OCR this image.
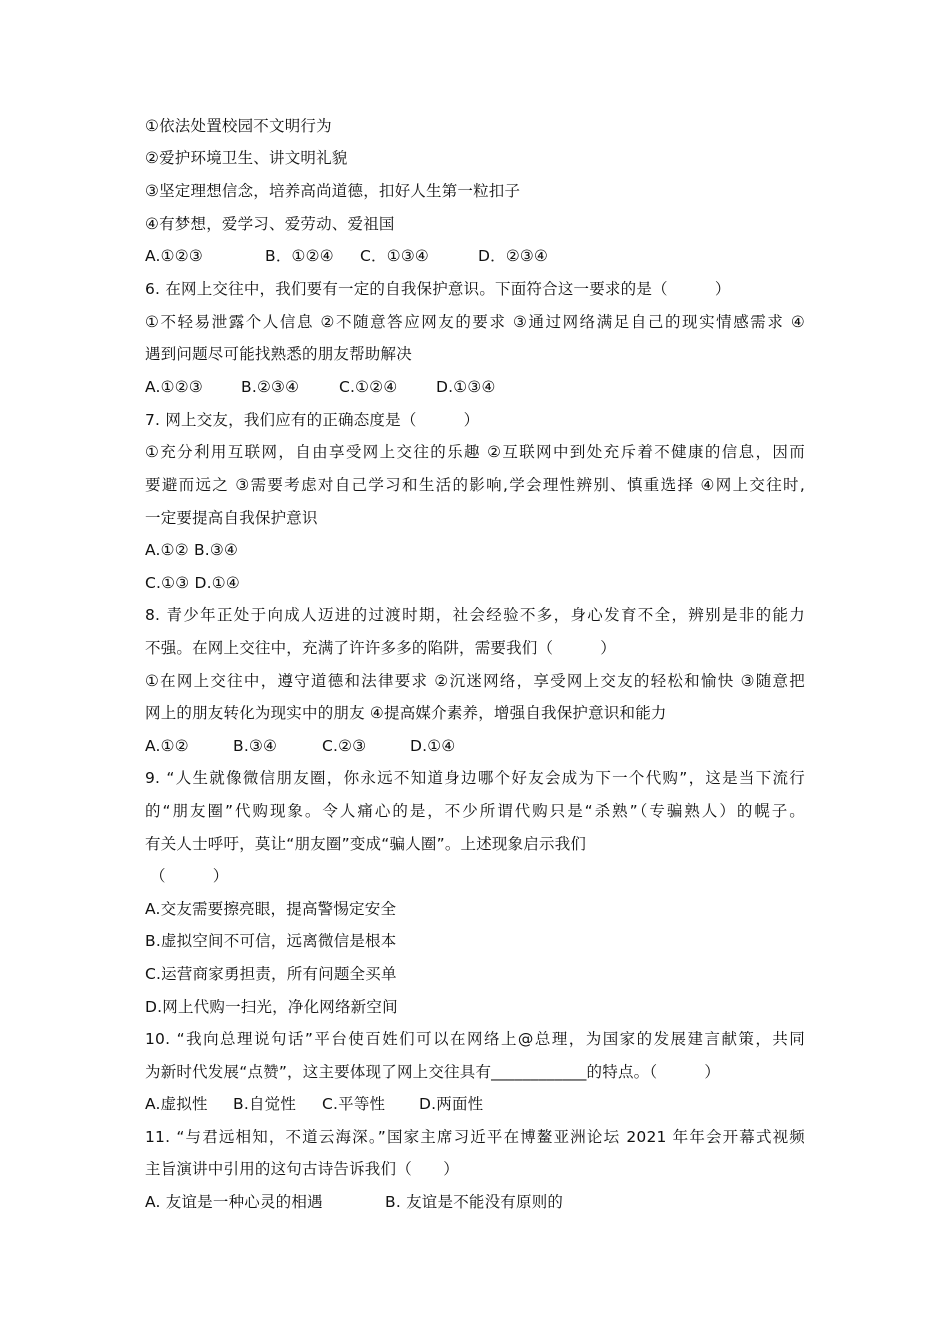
①依法处置校园不文明行为
②爱护环境卫生、讲文明礼貌
③坚定理想信念，培养高尚道德，扣好人生第一粒扣子
④有梦想，爱学习、爱劳动、爱祖国
A.①②③	B．①②④ C．①③④	D．②③④
6. 在网上交往中，我们要有一定的自我保护意识。下面符合这一要求的是（　　　）
①不轻易泄露个人信息 ②不随意答应网友的要求 ③通过网络满足自己的现实情感需求 ④
遇到问题尽可能找熟悉的朋友帮助解决
A.①②③ B.②③④	C.①②④ D.①③④
7. 网上交友，我们应有的正确态度是（　　　）
①充分利用互联网，自由享受网上交往的乐趣 ②互联网中到处充斥着不健康的信息，因而
要避而远之 ③需要考虑对自己学习和生活的影响,学会理性辨别、慎重选择 ④网上交往时,
一定要提高自我保护意识
A.①② B.③④
C.①③ D.①④
8. 青少年正处于向成人迈进的过渡时期，社会经验不多，身心发育不全，辨别是非的能力
不强。在网上交往中，充满了许许多多的陷阱，需要我们（　　　）
①在网上交往中，遵守道德和法律要求 ②沉迷网络，享受网上交友的轻松和愉快 ③随意把
网上的朋友转化为现实中的朋友 ④提高媒介素养，增强自我保护意识和能力
A.①②	B.③④	C.②③	D.①④
9. “人生就像微信朋友圈，你永远不知道身边哪个好友会成为下一个代购”，这是当下流行
的“朋友圈”代购现象。令人痛心的是，不少所谓代购只是“杀熟”（专骗熟人）的幌子。
有关人士呼吁，莫让“朋友圈”变成“骗人圈”。上述现象启示我们
（　　　）
A.交友需要擦亮眼，提高警惕定安全
B.虚拟空间不可信，远离微信是根本
C.运营商家勇担责，所有问题全买单
D.网上代购一扫光，净化网络新空间
10. “我向总理说句话”平台使百姓们可以在网络上@总理，为国家的发展建言献策，共同
为新时代发展“点赞”，这主要体现了网上交往具有____________的特点。（　　　）
A.虚拟性 B.自觉性 C.平等性 D.两面性
11. “与君远相知，不道云海深。”国家主席习近平在博鳌亚洲论坛 2021 年年会开幕式视频
主旨演讲中引用的这句古诗告诉我们（　　）
A. 友谊是一种心灵的相遇	B. 友谊是不能没有原则的
